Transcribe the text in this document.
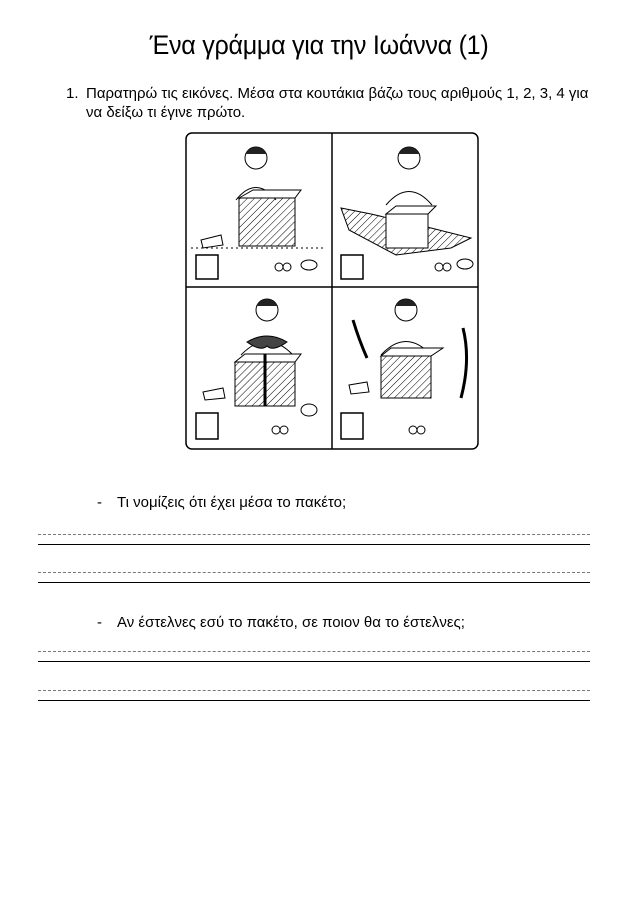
Ένα γράμμα για την Ιωάννα (1)
1. Παρατηρώ τις εικόνες. Μέσα στα κουτάκια βάζω τους αριθμούς 1, 2, 3, 4 για να δείξω τι έγινε πρώτο.
- Τι νομίζεις ότι έχει μέσα το πακέτο;
- Αν έστελνες εσύ το πακέτο, σε ποιον θα το έστελνες;
